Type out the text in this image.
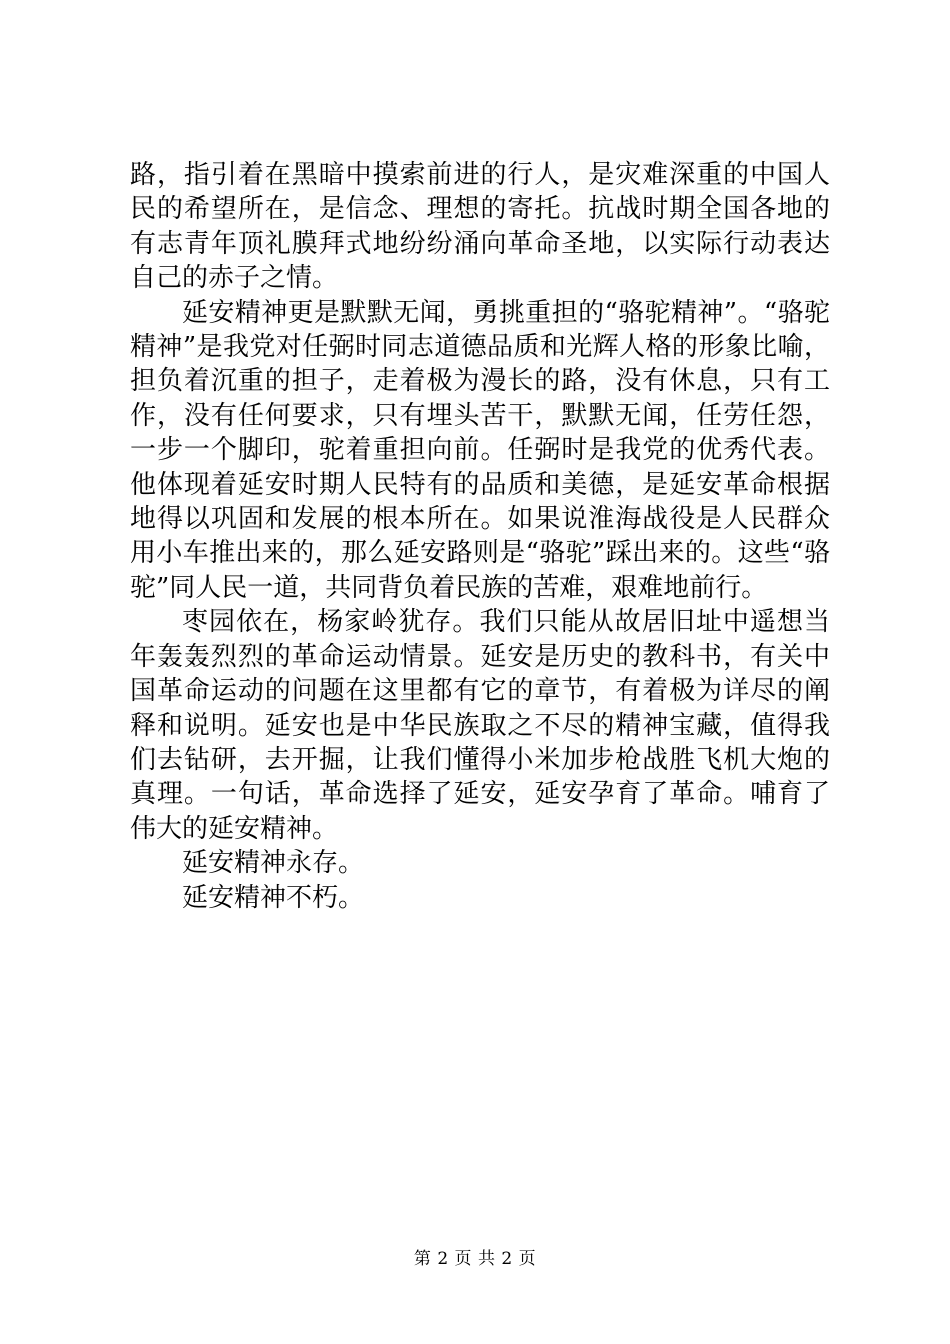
路，指引着在黑暗中摸索前进的行人，是灾难深重的中国人民的希望所在，是信念、理想的寄托。抗战时期全国各地的有志青年顶礼膜拜式地纷纷涌向革命圣地，以实际行动表达自己的赤子之情。

延安精神更是默默无闻，勇挑重担的“骆驼精神”。“骆驼精神”是我党对任弼时同志道德品质和光辉人格的形象比喻，担负着沉重的担子，走着极为漫长的路，没有休息，只有工作，没有任何要求，只有埋头苦干，默默无闻，任劳任怨，一步一个脚印，驼着重担向前。任弼时是我党的优秀代表。他体现着延安时期人民特有的品质和美德，是延安革命根据地得以巩固和发展的根本所在。如果说淮海战役是人民群众用小车推出来的，那么延安路则是“骆驼”踩出来的。这些“骆驼”同人民一道，共同背负着民族的苦难，艰难地前行。

枣园依在，杨家岭犹存。我们只能从故居旧址中遥想当年轰轰烈烈的革命运动情景。延安是历史的教科书，有关中国革命运动的问题在这里都有它的章节，有着极为详尽的阐释和说明。延安也是中华民族取之不尽的精神宝藏，值得我们去钻研，去开掘，让我们懂得小米加步枪战胜飞机大炮的真理。一句话，革命选择了延安，延安孕育了革命。哺育了伟大的延安精神。

延安精神永存。

延安精神不朽。

第 2 页 共 2 页
